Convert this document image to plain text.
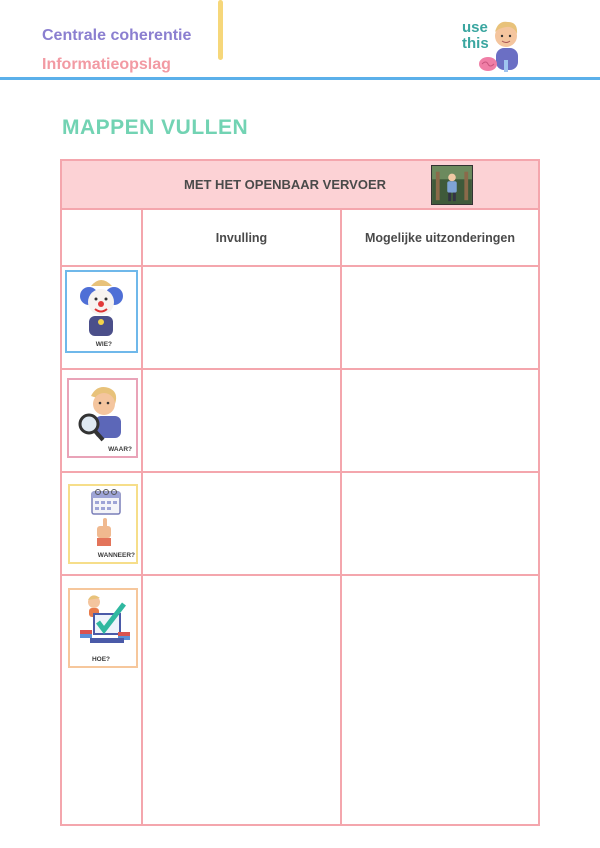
Centrale coherentie
Informatieopslag
use
this
MAPPEN VULLEN
MET HET OPENBAAR VERVOER
Invulling	Mogelijke uitzonderingen
WIE?
WAAR?
WANNEER?
HOE?
